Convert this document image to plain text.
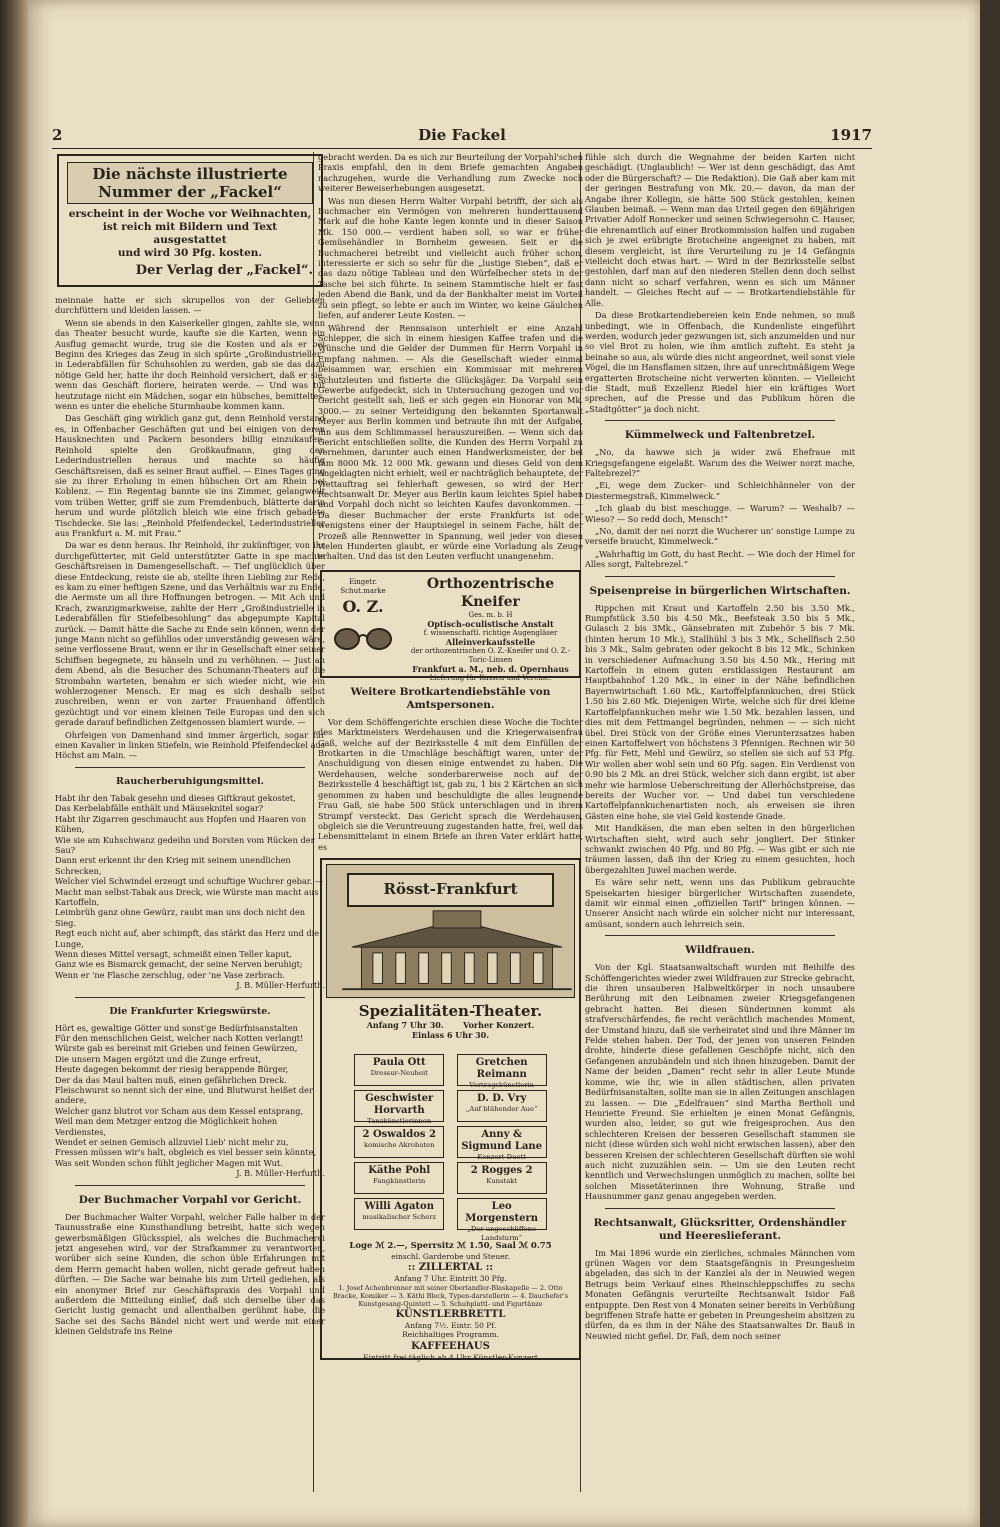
2	Die Fackel	1917
Die nächste illustrierte Nummer der „Fackel“
erscheint in der Woche vor Weihnachten,
ist reich mit Bildern und Text ausgestattet
und wird 30 Pfg. kosten.
Der Verlag der „Fackel“.

meinnaie hatte er sich skrupellos von der Geliebten durchfüttern und kleiden lassen. —

Wenn sie abends in den Kaiserkeller gingen, zahlte sie, wenn das Theater besucht wurde, kaufte sie die Karten, wenn ein Ausflug gemacht wurde, trug sie die Kosten und als er bei Beginn des Krieges das Zeug in sich spürte „Großindustrieller“ in Lederabfällen für Schuhsohlen zu werden, gab sie das dazu nötige Geld her, hatte ihr doch Reinhold versichert, daß er sie, wenn das Geschäft floriere, heiraten werde. — Und was tut heutzutage nicht ein Mädchen, sogar ein hübsches, bemitteltes, wenn es unter die eheliche Sturmhaube kommen kann.

Das Geschäft ging wirklich ganz gut, denn Reinhold verstand es, in Offenbacher Geschäften gut und bei einigen von deren Hausknechten und Packern besonders billig einzukaufen. Reinhold spielte den Großkaufmann, ging den Lederindustriellen heraus und machte so häufig Geschäftsreisen, daß es seiner Braut auffiel. — Eines Tages ging sie zu ihrer Erholung in einen hübschen Ort am Rhein bei Koblenz. — Ein Regentag bannte sie ins Zimmer, gelangweilt vom trüben Wetter, griff sie zum Fremdenbuch, blätterte darin herum und wurde plötzlich bleich wie eine frisch gebadete Tischdecke. Sie las: „Reinhold Pfeifendeckel, Lederindustrieller aus Frankfurt a. M. mit Frau.“

Da war es denn heraus. Ihr Reinhold, ihr zukünftiger, von ihr durchgefütterter, mit Geld unterstützter Gatte in spe machte Geschäftsreisen in Damengesellschaft. — Tief unglücklich über diese Entdeckung, reiste sie ab, stellte ihren Liebling zur Rede, es kam zu einer heftigen Szene, und das Verhältnis war zu Ende, die Aermste um all ihre Hoffnungen betrogen. — Mit Ach und Krach, zwanzigmarkweise, zahlte der Herr „Großindustrielle in Lederabfällen für Stiefelbesohlung“ das abgepumpte Kapital zurück. — Damit hätte die Sache zu Ende sein können, wenn der junge Mann nicht so gefühllos oder unverständig gewesen wäre, seine verflossene Braut, wenn er ihr in Gesellschaft einer seiner Schiffsen begegnete, zu hänseln und zu verhöhnen. — Just an dem Abend, als die Besucher des Schumann-Theaters auf die Strombahn warteten, benahm er sich wieder nicht, wie ein wohlerzogener Mensch. Er mag es sich deshalb selbst zuschreiben, wenn er von zarter Frauenhand öffentlich gezüchtigt und vor einem kleinen Teile Europas und den sich gerade darauf befindlichen Zeitgenossen blamiert wurde. —

Ohrfeigen von Damenhand sind immer ärgerlich, sogar für einen Kavalier in linken Stiefeln, wie Reinhold Pfeifendeckel aus Höchst am Main. —

Raucherberuhigungsmittel.
Habt ihr den Tabak gesehn und dieses Giftkraut gekostet,
Das Kerbelabfälle enthält und Mäuseknitel sogar?
Habt ihr Zigarren geschmaucht aus Hopfen und Haaren von Kühen,
Wie sie am Kuhschwanz gedeihn und Borsten vom Rücken der Sau?
Dann erst erkennt ihr den Krieg mit seinem unendlichen Schrecken,
Welcher viel Schwindel erzeugt und schuftige Wuchrer gebar. —
Macht man selbst-Tabak aus Dreck, wie Würste man macht aus Kartoffeln,
Leimbrüh ganz ohne Gewürz, raubt man uns doch nicht den Sieg.
Regt euch nicht auf, aber schimpft, das stärkt das Herz und die Lunge,
Wenn dieses Mittel versagt, schmeißt einen Teller kaput,
Ganz wie es Bismarck gemacht, der seine Nerven beruhigt;
Wenn er 'ne Flasche zerschlug, oder 'ne Vase zerbrach.
J. B. Müller-Herfurth.
Die Frankfurter Kriegswürste.
Hört es, gewaltige Götter und sonst'ge Bedürfnisanstalten
Für den menschlichen Geist, welcher nach Kotten verlangt!
Würste gab es bereinst mit Grieben und feinen Gewürzen,
Die unsern Magen ergötzt und die Zunge erfreut,
Heute dagegen bekommt der riesig berappende Bürger,
Der da das Maul halten muß, einen gefährlichen Dreck.
Fleischwurst so nennt sich der eine, und Blutwurst heißet der andere,
Welcher ganz blutrot vor Scham aus dem Kessel entsprang,
Weil man dem Metzger entzog die Möglichkeit hohen Verdienstes,
Wendet er seinen Gemisch allzuviel Lieb' nicht mehr zu,
Fressen müssen wir's halt, obgleich es viel besser sein könnte,
Was seit Wonden schon fühlt jeglicher Magen mit Wut.
J. B. Müller-Herfurth.
Der Buchmacher Vorpahl vor Gericht.

Der Buchmacher Walter Vorpahl, welcher Falle halber in der Taunusstraße eine Kunsthandlung betreibt, hatte sich wegen gewerbsmäßigen Glücksspiel, als welches die Buchmacherei jetzt angesehen wird, vor der Strafkammer zu verantworten, worüber sich seine Kunden, die schon üble Erfahrungen mit dem Herrn gemacht haben wollen, nicht gerade gefreut haben dürften. — Die Sache war beinahe bis zum Urteil gediehen, als ein anonymer Brief zur Geschäftspraxis des Vorpahl und außerdem die Mitteilung einlief, daß sich derselbe über das Gericht lustig gemacht und allenthalben gerühmt habe, die Sache sei des Sachs Bändel nicht wert und werde mit einer kleinen Geldstrafe ins Reine

gebracht werden. Da es sich zur Beurteilung der Vorpahl'schen Praxis empfahl, den in dem Briefe gemachten Angaben nachzugehen, wurde die Verhandlung zum Zwecke noch weiterer Beweiserhebungen ausgesetzt.

Was nun diesen Herrn Walter Vorpahl betrifft, der sich als Buchmacher ein Vermögen von mehreren hunderttausend Mark auf die hohe Kante legen konnte und in dieser Saison Mk. 150 000.— verdient haben soll, so war er früher Gemüsehändler in Bornheim gewesen. Seit er die Buchmacherei betreibt und vielleicht auch früher schon, interessierte er sich so sehr für die „lustige Sieben“, daß er das dazu nötige Tableau und den Würfelbecher stets in der Tasche bei sich führte. In seinem Stammtische hielt er fast jeden Abend die Bank, und da der Bankhalter meist im Vorteil zu sein pflegt, so lebte er auch im Winter, wo keine Gäulchen liefen, auf anderer Leute Kosten. —

Während der Rennsaison unterhielt er eine Anzahl Schlepper, die sich in einem hiesigen Kaffee trafen und die Wünsche und die Gelder der Dummen für Herrn Vorpahl in Empfang nahmen. — Als die Gesellschaft wieder einmal beisammen war, erschien ein Kommissar mit mehreren Schutzleuten und fistierte die Glücksjäger. Da Vorpahl sein Gewerbe aufgedeckt, sich in Untersuchung gezogen und vor Gericht gestellt sah, ließ er sich gegen ein Honorar von Mk. 3000.— zu seiner Verteidigung den bekannten Sportanwalt Meyer aus Berlin kommen und betraute ihn mit der Aufgabe, ihn aus dem Schlimmassel herauszureißen. — Wenn sich das Gericht entschließen sollte, die Kunden des Herrn Vorpahl zu vernehmen, darunter auch einen Handwerksmeister, der bei ihm 8000 Mk. 12 000 Mk. gewann und dieses Geld von dem Angeklagten nicht erhielt, weil er nachträglich behauptete, der Wettauftrag sei fehlerhaft gewesen, so wird der Herr Rechtsanwalt Dr. Meyer aus Berlin kaum leichtes Spiel haben und Vorpahl doch nicht so leichten Kaufes davonkommen. — Da dieser Buchmacher der erste Frankfurts ist oder wenigstens einer der Hauptsiegel in seinem Fache, hält der Prozeß alle Rennwetter in Spannung, weil jeder von diesen vielen Hunderten glaubt, er würde eine Vorladung als Zeuge erhalten. Und das ist den Leuten verflucht unangenehm.

Eingetr. Schut.marke
O. Z.
Orthozentrische Kneifer
Ges. m. b. H
Optisch-oculistische Anstalt
f. wissenschaftl. richtige Augengläser
Alleinverkaufsstelle
der orthozentrischen O. Z.-Kneifer und O. Z.-Toric-Linsen
Frankfurt a. M., neb. d. Opernhaus
Lieferung für Kassen und Vereine.
Weitere Brotkartendiebstähle von Amtspersonen.

Vor dem Schöffengerichte erschien diese Woche die Tochter des Marktmeisters Werdehausen und die Kriegerwaisenfrau Gaß, welche auf der Bezirksstelle 4 mit dem Einfüllen der Brotkarten in die Umschläge beschäftigt waren, unter der Anschuldigung von diesen einige entwendet zu haben. Die Werdehausen, welche sonderbarerweise noch auf der Bezirksstelle 4 beschäftigt ist, gab zu, 1 bis 2 Kärtchen an sich genommen zu haben und beschuldigte die alles leugnende Frau Gaß, sie habe 500 Stück unterschlagen und in ihrem Strumpf versteckt. Das Gericht sprach die Werdehausen, obgleich sie die Veruntreuung zugestanden hatte, frei, weil das Lebensmittelamt in einem Briefe an ihren Vater erklärt hatte, es

Rösst-Frankfurt
Spezialitäten-Theater.
Anfang 7 Uhr 30. Vorher Konzert.
Einlass 6 Uhr 30.
Paula Ott
Dressur-Neuheit
Gretchen Reimann
Vortragskünstlerin
Geschwister Horvarth
Tanzkünstlerinnen
D. D. Vry
„Auf blühender Aue“
2 Oswaldos 2
komische Akrobaten
Anny & Sigmund Lane
Konzert-Duett
Käthe Pohl
Fangkünstlerin
2 Rogges 2
Kunstakt
Willi Agaton
musikalischer Scherz
Leo Morgenstern
„Der ungeschliffene Landsturm“
Loge ℳ 2.—, Sperrsitz ℳ 1.50, Saal ℳ 0.75
einschl. Garderobe und Steuer.
:: ZILLERTAL ::
Anfang 7 Uhr. Eintritt 30 Pfg.
1. Josef Achenbrenner mit seiner Oberlandler-Blaskapelle — 2. Otto Bracke, Komiker — 3. Käthi Bleck, Typen-darstellerin — 4. Dauchefer's Kunstgesang-Quintett — 5. Schuhplattl- und Figurtänze
KÜNSTLERBRETTL
Anfang 7½. Eintr. 50 Pf.
Reichhaltiges Programm.
KAFFEEHAUS
Eintritt frei täglich ab 4 Uhr Künstler-Konzert

fühle sich durch die Wegnahme der beiden Karten nicht geschädigt. (Unglaublich! — Wer ist denn geschädigt, das Amt oder die Bürgerschaft? — Die Redaktion). Die Gaß aber kam mit der geringen Bestrafung von Mk. 20.— davon, da man der Angabe ihrer Kollegin, sie hätte 500 Stück gestohlen, keinen Glauben beimaß. — Wenn man das Urteil gegen den 69jährigen Privatier Adolf Ronnecker und seinen Schwiegersohn C. Hauser, die ehrenamtlich auf einer Brotkommission halfen und zugaben sich je zwei erübrigte Brotscheine angeeignet zu haben, mit diesem vergleicht, ist ihre Verurteilung zu je 14 Gefängnis vielleicht doch etwas hart. — Wird in der Bezirksstelle selbst gestohlen, darf man auf den niederen Stellen denn doch selbst dann nicht so scharf verfahren, wenn es sich um Männer handelt. — Gleiches Recht auf — — Brotkartendiebstähle für Alle.

Da diese Brotkartendiebereien kein Ende nehmen, so muß unbedingt, wie in Offenbach, die Kundenliste eingeführt werden, wodurch jeder gezwungen ist, sich anzumelden und nur so viel Brot zu holen, wie ihm amtlich zufteht. Es steht ja beinahe so aus, als würde dies nicht angeordnet, weil sonst viele Vögel, die im Hansflamen sitzen, ihre auf unrechtmäßigem Wege ergatterten Brotscheine nicht verwerten könnten. — Vielleicht die Stadt, muß Exzellenz Riedel hier ein kräftiges Wort sprechen, auf die Presse und das Publikum hören die „Stadtgötter“ ja doch nicht.

Kümmelweck und Faltenbretzel.

„No, da hawwe sich ja wider zwä Ehefraue mit Kriegsgefangene eigelaßt. Warum des die Weiwer norzt mache, Faltebrezel?“

„Ei, wege dem Zucker- und Schleichhänneler von der Diestermegstraß, Kimmelweck.“

„Ich glaab du bist meschugge. — Warum? — Weshalb? — Wieso? — So redd doch, Mensch!“

„No, damit der nei norzt die Wucherer un' sonstige Lumpe zu verseife braucht, Kimmelweck.“

„Wahrhaftig im Gott, du hast Recht. — Wie doch der Himel for Alles sorgt, Faltebrezel.“

Speisenpreise in bürgerlichen Wirtschaften.

Rippchen mit Kraut und Kartoffeln 2.50 bis 3.50 Mk., Rumpfstück 3.50 bis 4.50 Mk., Beefsteak 3.50 bis 5 Mk., Gulasch 2 bis 3Mk., Gänsebraten mit Zubehör 5 bis 7 Mk. (hinten herum 10 Mk.), Stallhühl 3 bis 3 Mk., Schellfisch 2.50 bis 3 Mk., Salm gebraten oder gekocht 8 bis 12 Mk., Schinken in verschiedener Aufmachung 3.50 bis 4.50 Mk., Hering mit Kartoffeln in einem guten erstklassigen Restaurant am Hauptbahnhof 1.20 Mk., in einer in der Nähe befindlichen Bayernwirtschaft 1.60 Mk., Kartoffelpfannkuchen, drei Stück 1.50 bis 2.60 Mk. Diejenigen Wirte, welche sich für drei kleine Kartoffelpfannkuchen mehr wie 1.50 Mk. bezahlen lassen, und dies mit dem Fettmangel begründen, nehmen — — sich nicht übel. Drei Stück von der Größe eines Vierunterzsatzes haben einen Kartoffelwert von höchstens 3 Pfennigen. Rechnen wir 50 Pfg. für Fett, Mehl und Gewürz, so stellen sie sich auf 53 Pfg. Wir wollen aber wohl sein und 60 Pfg. sagen. Ein Verdienst von 0.90 bis 2 Mk. an drei Stück, welcher sich dann ergibt, ist aber mehr wie harmlose Ueberschreitung der Allerhöchstpreise, das bereits der Wucher vor. — Und dabei tun verschiedene Kartoffelpfannkuchenartisten noch, als erweisen sie ihren Gästen eine hohe, sie viel Geld kostende Gnade.

Mit Handkäsen, die man eben selten in den bürgerlichen Wirtschaften sieht, wird auch sehr jongliert. Der Stinker schwankt zwischen 40 Pfg. und 80 Pfg. — Was gibt er sich nie träumen lassen, daß ihn der Krieg zu einem gesuchten, hoch übergezahlten Juwel machen werde.

Es wäre sehr nett, wenn uns das Publikum gebrauchte Speisekarten hiesiger bürgerlicher Wirtschaften zusendete, damit wir einmal einen „offiziellen Tarif“ bringen können. — Unserer Ansicht nach würde ein solcher nicht nur interessant, amüsant, sondern auch lehrreich sein.

Wildfrauen.

Von der Kgl. Staatsanwaltschaft wurden mit Beihilfe des Schöffengerichtes wieder zwei Wildfrauen zur Strecke gebracht, die ihren unsauberen Halbweltkörper in noch unsaubere Berührung mit den Leibnamen zweier Kriegsgefangenen gebracht hatten. Bei diesen Sünderinnen kommt als strafverschärfendes, fie recht verächtlich machendes Moment, der Umstand hinzu, daß sie verheiratet sind und ihre Männer im Felde stehen haben. Der Tod, der jenen von unseren Feinden drohte, hinderte diese gefallenen Geschöpfe nicht, sich den Gefangenen anzubändeln und sich ihnen hinzugeben. Damit der Name der beiden „Damen“ recht sehr in aller Leute Munde komme, wie ihr, wie in allen städtischen, allen privaten Bedürfnisanstalten, sollte man sie in allen Zeitungen anschlagen zu lassen. — Die „Edelfrauen“ sind Martha Bertholi und Henriette Freund. Sie erhielten je einen Monat Gefängnis, wurden also, leider, so gut wie freigesprochen. Aus den schlechteren Kreisen der besseren Gesellschaft stammen sie nicht (diese würden sich wohl nicht erwischen lassen), aber den besseren Kreisen der schlechteren Gesellschaft dürften sie wohl auch nicht zuzuzählen sein. — Um sie den Leuten recht kenntlich und Verwechslungen unmöglich zu machen, sollte bei solchen Missetäterinnen ihre Wohnung, Straße und Hausnummer ganz genau angegeben werden.

Rechtsanwalt, Glücksritter, Ordenshändler und Heereslieferant.

Im Mai 1896 wurde ein zierliches, schmales Männchen vom grünen Wagen vor dem Staatsgefängnis in Preungesheim abgeladen, das sich in der Kanzlei als der in Neuwied wegen Betrugs beim Verkauf eines Rheinschleppschiffes zu sechs Monaten Gefängnis verurteilte Rechtsanwalt Isidor Faß entpuppte. Den Rest von 4 Monaten seiner bereits in Verbüßung begriffenen Strafe hatte er gebeten in Preungesheim absitzen zu dürfen, da es ihm in der Nähe des Staatsanwaltes Dr. Bauß in Neuwied nicht gefiel. Dr. Faß, dem noch seiner
